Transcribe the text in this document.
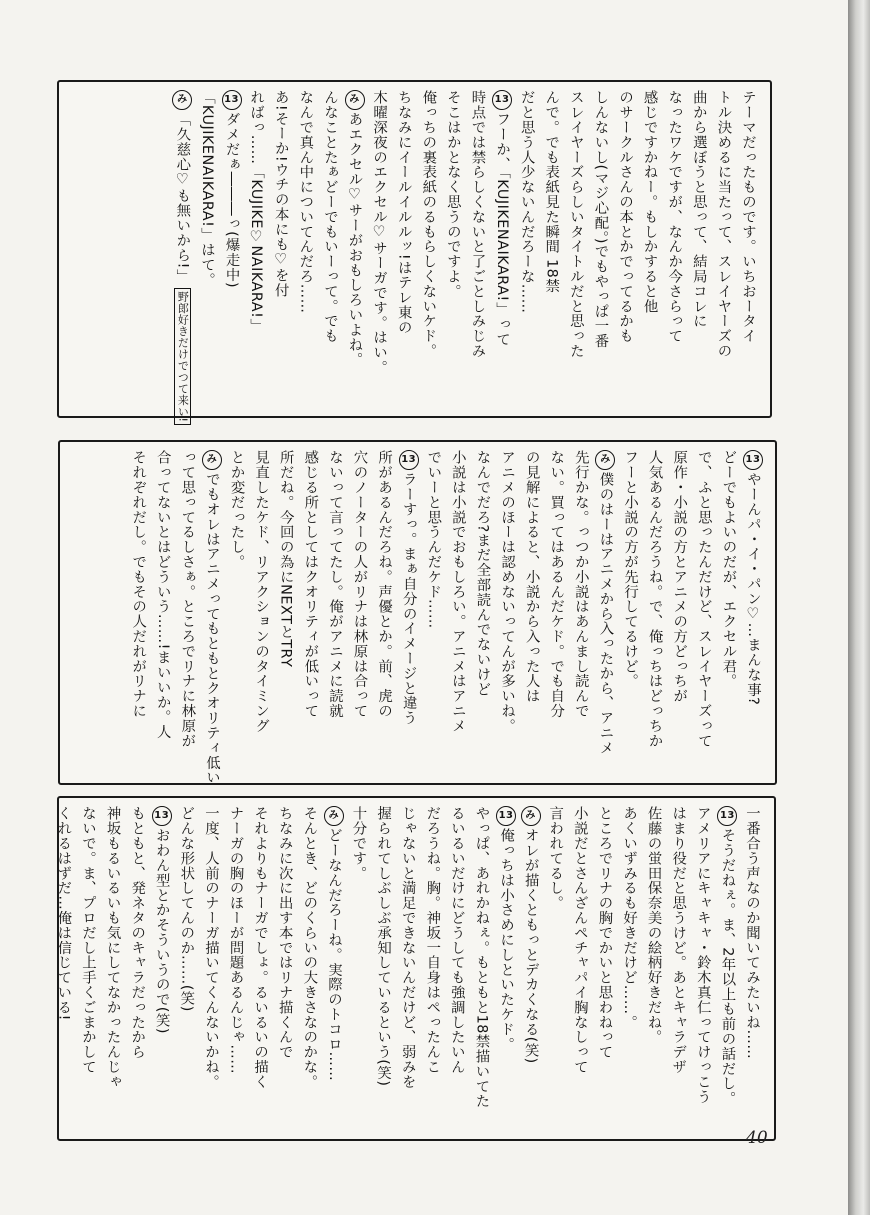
テーマだったものです。いちおータイ
トル決めるに当たって、スレイヤーズの
曲から選ぼうと思って、結局コレに
なったワケですが、なんか今さらって
感じですかねー。もしかすると他
のサークルさんの本とかでってるかも
しんないし(マジ心配。)でもやっぱ一番
スレイヤーズらしいタイトルだと思った
んで。でも表紙見た瞬間 18禁
だと思う人少ないんだろーな……
13フーか、「KUJIKENAIKARA!」って
時点では禁らしくないと了ごとしみじみ
そこはかとなく思うのですよ。
俺っちの裏表紙のるもらしくないケド。
ちなみにイールイルルッ!はテレ東の
木曜深夜のエクセル♡サーガです。はい。
みあエクセル♡サーがおもしろいよね。
んなことたぁどーでもいーって。でも
なんで真ん中についてんだろ……
あ!そーか!ウチの本にも♡を付
ればっ……「KUJIKE♡NAIKARA!」
13ダメだぁ―――っ(爆走中)
「KUJIKENAIKARA!」はて。
み「久慈心♡も無いから!」野郎好きだけでつて来い!
13やーんパ・イ・パン♡…まんな事?
どーでもよいのだが、エクセル君。
で、ふと思ったんだけど、スレイヤーズって
原作・小説の方とアニメの方どっちが
人気あるんだろうね。で、俺っちはどっちか
フーと小説の方が先行してるけど。
み僕のはーはアニメから入ったから、アニメ
先行かな。っつか小説はあんまし読んで
ない。買ってはあるんだケド。でも自分
の見解によると、小説から入った人は
アニメのほーは認めないってんが多いね。
なんでだろ?まだ全部読んでないけど
小説は小説でおもしろい。アニメはアニメ
でいーと思うんだケド……
13ラーすっ。まぁ自分のイメージと違う
所があるんだろね。声優とか。前、虎の
穴のノーターの人がリナは林原は合って
ないって言ってたし。俺がアニメに読就
感じる所としてはクオリティが低いって
所だね。今回の為にNEXTとTRY
見直したケド、リアクションのタイミング
とか変だったし。
みでもオレはアニメってもともとクオリティ低い
って思ってるしさぁ。ところでリナに林原が
合ってないとはどういう……!まいいか。人
それぞれだし。でもその人だれがリナに
一番合う声なのか聞いてみたいね……
13そうだねぇ。ま、2年以上も前の話だし。
アメリアにキャキャ・鈴木真仁ってけっこう
はまり役だと思うけど。あとキャラデザ
佐藤の蛍田保奈美の絵柄好きだね。
あくいずみるも好きだけど……。
ところでリナの胸でかいと思わねって
小説だとさんざんペチャパイ胸なしって
言われてるし。
みオレが描くともっとデカくなる(笑)
13俺っちは小さめにしといたケド。
やっぱ、あれかねぇ。もともと18禁描いてた
るいるいだけにどうしても強調したいん
だろうね。胸。神坂一自身はペったんこ
じゃないと満足できないんだけど、弱みを
握られてしぶしぶ承知しているという(笑)
十分です。
みどーなんだろーね。実際のトコロ……
そんとき、どのくらいの大きさなのかな。
ちなみに次に出す本ではリナ描くんで
それよりもナーガでしょ。るいるいの描く
ナーガの胸のほーが問題あるんじゃ……
一度、人前のナーガ描いてくんないかね。
どんな形状してんのか……(笑)
13おわん型とかそういうので(笑)
もともと、発ネタのキャラだったから
神坂もるいるいも気にしてなかったんじゃ
ないで。ま、プロだし上手くごまかして
くれるはずだ…俺は信じている!
40
